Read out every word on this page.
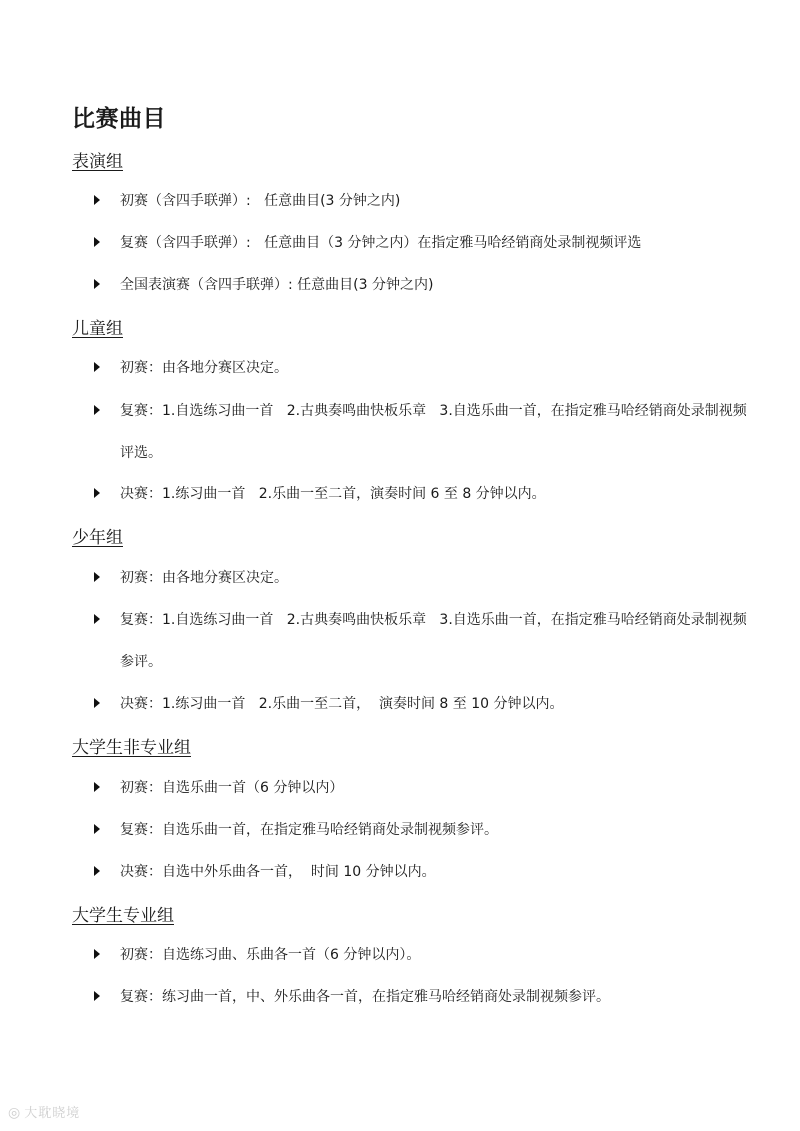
比赛曲目
表演组
初赛（含四手联弹）:   任意曲目(3 分钟之内)
复赛（含四手联弹）:   任意曲目（3 分钟之内）在指定雅马哈经销商处录制视频评选
全国表演赛（含四手联弹）: 任意曲目(3 分钟之内)
儿童组
初赛：由各地分赛区决定。
复赛：1.自选练习曲一首   2.古典奏鸣曲快板乐章   3.自选乐曲一首，在指定雅马哈经销商处录制视频评选。
决赛：1.练习曲一首   2.乐曲一至二首，演奏时间 6 至 8 分钟以内。
少年组
初赛：由各地分赛区决定。
复赛：1.自选练习曲一首   2.古典奏鸣曲快板乐章   3.自选乐曲一首，在指定雅马哈经销商处录制视频参评。
决赛：1.练习曲一首   2.乐曲一至二首，  演奏时间 8 至 10 分钟以内。
大学生非专业组
初赛：自选乐曲一首（6 分钟以内）
复赛：自选乐曲一首，在指定雅马哈经销商处录制视频参评。
决赛：自选中外乐曲各一首，  时间 10 分钟以内。
大学生专业组
初赛：自选练习曲、乐曲各一首（6 分钟以内）。
复赛：练习曲一首，中、外乐曲各一首，在指定雅马哈经销商处录制视频参评。
◎ 大耽晓境
